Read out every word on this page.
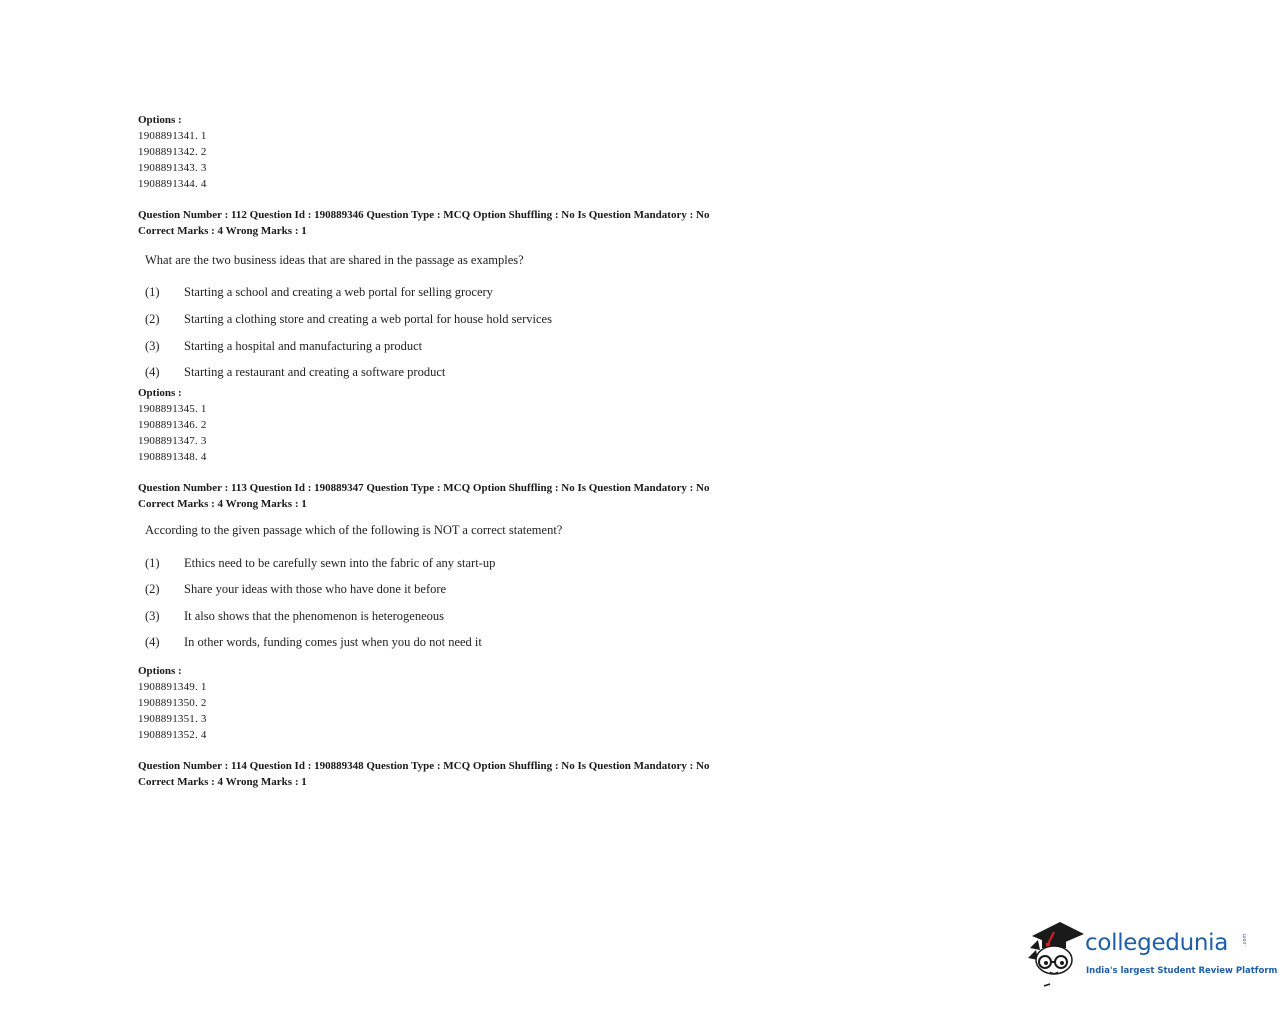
Options :
1908891341. 1
1908891342. 2
1908891343. 3
1908891344. 4
Question Number : 112 Question Id : 190889346 Question Type : MCQ Option Shuffling : No Is Question Mandatory : No
Correct Marks : 4 Wrong Marks : 1
What are the two business ideas that are shared in the passage as examples?
(1) Starting a school and creating a web portal for selling grocery
(2) Starting a clothing store and creating a web portal for house hold services
(3) Starting a hospital and manufacturing a product
(4) Starting a restaurant and creating a software product
Options :
1908891345. 1
1908891346. 2
1908891347. 3
1908891348. 4
Question Number : 113 Question Id : 190889347 Question Type : MCQ Option Shuffling : No Is Question Mandatory : No
Correct Marks : 4 Wrong Marks : 1
According to the given passage which of the following is NOT a correct statement?
(1) Ethics need to be carefully sewn into the fabric of any start-up
(2) Share your ideas with those who have done it before
(3) It also shows that the phenomenon is heterogeneous
(4) In other words, funding comes just when you do not need it
Options :
1908891349. 1
1908891350. 2
1908891351. 3
1908891352. 4
Question Number : 114 Question Id : 190889348 Question Type : MCQ Option Shuffling : No Is Question Mandatory : No
Correct Marks : 4 Wrong Marks : 1
collegedunia	.com
India's largest Student Review Platform
